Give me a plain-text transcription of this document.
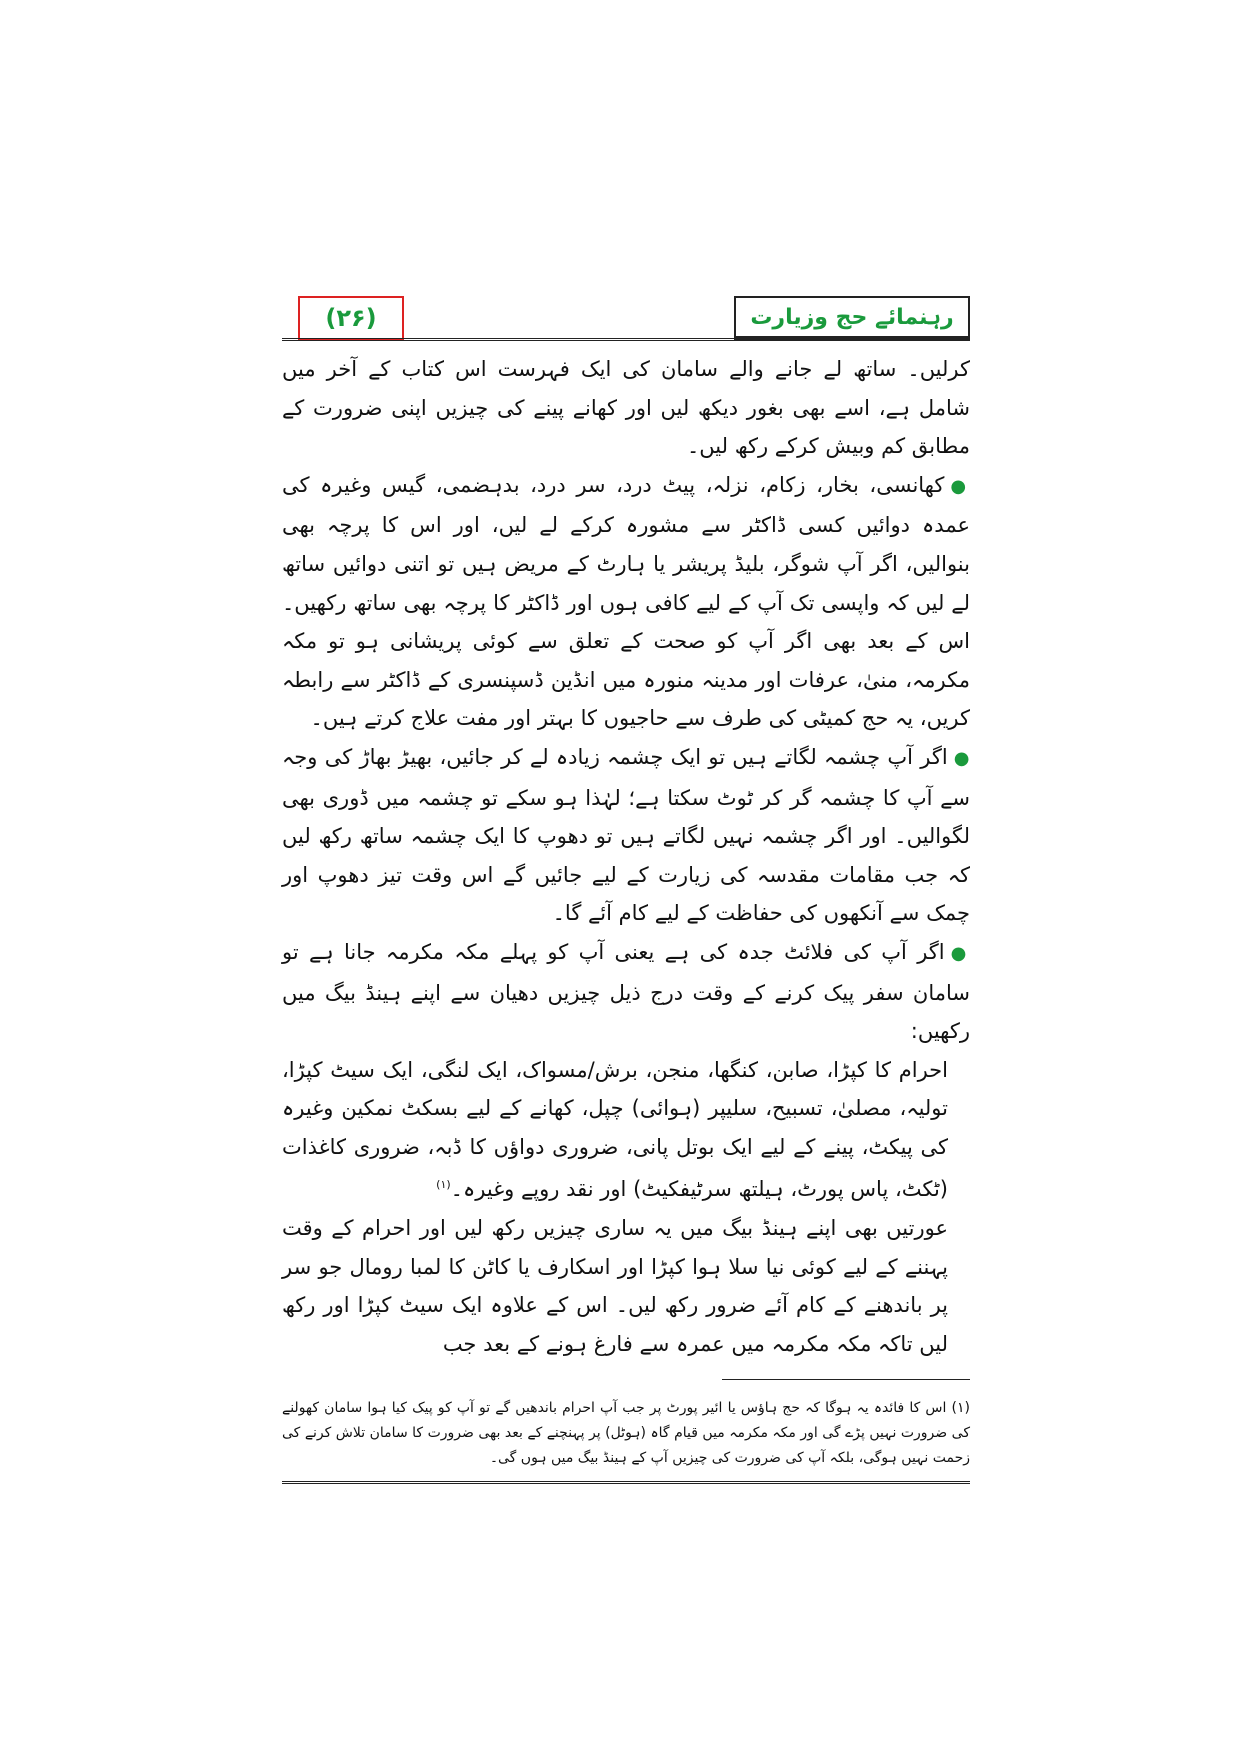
(۲۶)	رہنمائے حج وزیارت

کرلیں۔ ساتھ لے جانے والے سامان کی ایک فہرست اس کتاب کے آخر میں شامل ہے، اسے بھی بغور دیکھ لیں اور کھانے پینے کی چیزیں اپنی ضرورت کے مطابق کم وبیش کرکے رکھ لیں۔

●کھانسی، بخار، زکام، نزلہ، پیٹ درد، سر درد، بدہضمی، گیس وغیرہ کی عمدہ دوائیں کسی ڈاکٹر سے مشورہ کرکے لے لیں، اور اس کا پرچہ بھی بنوالیں، اگر آپ شوگر، بلیڈ پریشر یا ہارٹ کے مریض ہیں تو اتنی دوائیں ساتھ لے لیں کہ واپسی تک آپ کے لیے کافی ہوں اور ڈاکٹر کا پرچہ بھی ساتھ رکھیں۔ اس کے بعد بھی اگر آپ کو صحت کے تعلق سے کوئی پریشانی ہو تو مکہ مکرمہ، منیٰ، عرفات اور مدینہ منورہ میں انڈین ڈسپنسری کے ڈاکٹر سے رابطہ کریں، یہ حج کمیٹی کی طرف سے حاجیوں کا بہتر اور مفت علاج کرتے ہیں۔

●اگر آپ چشمہ لگاتے ہیں تو ایک چشمہ زیادہ لے کر جائیں، بھیڑ بھاڑ کی وجہ سے آپ کا چشمہ گر کر ٹوٹ سکتا ہے؛ لہٰذا ہو سکے تو چشمہ میں ڈوری بھی لگوالیں۔ اور اگر چشمہ نہیں لگاتے ہیں تو دھوپ کا ایک چشمہ ساتھ رکھ لیں کہ جب مقامات مقدسہ کی زیارت کے لیے جائیں گے اس وقت تیز دھوپ اور چمک سے آنکھوں کی حفاظت کے لیے کام آئے گا۔

●اگر آپ کی فلائٹ جدہ کی ہے یعنی آپ کو پہلے مکہ مکرمہ جانا ہے تو سامان سفر پیک کرنے کے وقت درج ذیل چیزیں دھیان سے اپنے ہینڈ بیگ میں رکھیں:

احرام کا کپڑا، صابن، کنگھا، منجن، برش/مسواک، ایک لنگی، ایک سیٹ کپڑا، تولیہ، مصلیٰ، تسبیح، سلیپر (ہوائی) چپل، کھانے کے لیے بسکٹ نمکین وغیرہ کی پیکٹ، پینے کے لیے ایک بوتل پانی، ضروری دواؤں کا ڈبہ، ضروری کاغذات (ٹکٹ، پاس پورٹ، ہیلتھ سرٹیفکیٹ) اور نقد روپے وغیرہ۔$^{(۱)}$

عورتیں بھی اپنے ہینڈ بیگ میں یہ ساری چیزیں رکھ لیں اور احرام کے وقت پہننے کے لیے کوئی نیا سلا ہوا کپڑا اور اسکارف یا کاٹن کا لمبا رومال جو سر پر باندھنے کے کام آئے ضرور رکھ لیں۔ اس کے علاوہ ایک سیٹ کپڑا اور رکھ لیں تاکہ مکہ مکرمہ میں عمرہ سے فارغ ہونے کے بعد جب

(۱) اس کا فائدہ یہ ہوگا کہ حج ہاؤس یا ائیر پورٹ پر جب آپ احرام باندھیں گے تو آپ کو پیک کیا ہوا سامان کھولنے کی ضرورت نہیں پڑے گی اور مکہ مکرمہ میں قیام گاہ (ہوٹل) پر پہنچنے کے بعد بھی ضرورت کا سامان تلاش کرنے کی زحمت نہیں ہوگی، بلکہ آپ کی ضرورت کی چیزیں آپ کے ہینڈ بیگ میں ہوں گی۔
